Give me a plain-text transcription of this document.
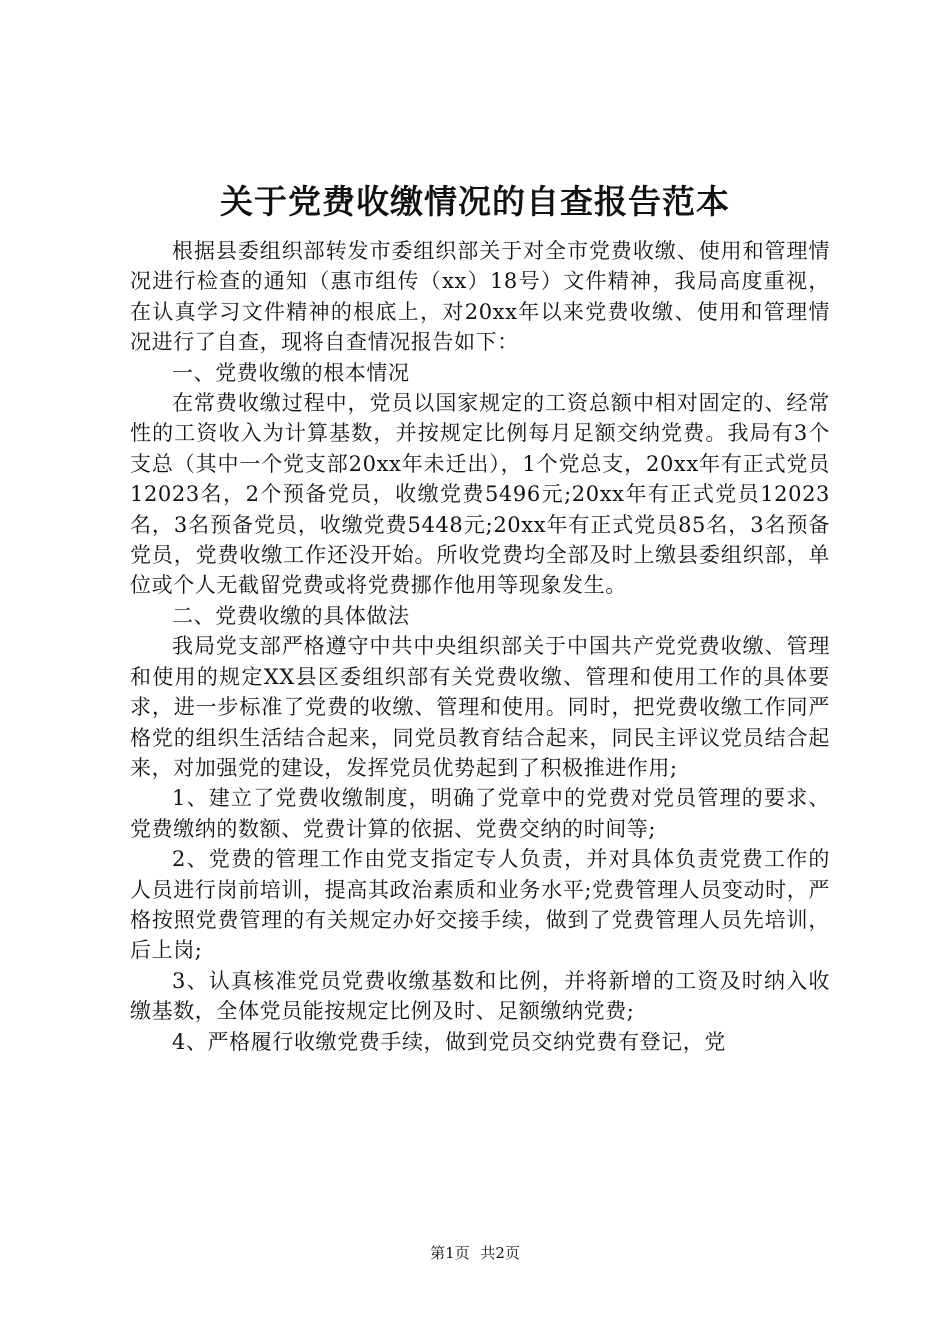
关于党费收缴情况的自查报告范本

根据县委组织部转发市委组织部关于对全市党费收缴、使用和管理情况进行检查的通知（惠市组传（xx）18号）文件精神，我局高度重视，在认真学习文件精神的根底上，对20xx年以来党费收缴、使用和管理情况进行了自查，现将自查情况报告如下：

一、党费收缴的根本情况

在常费收缴过程中，党员以国家规定的工资总额中相对固定的、经常性的工资收入为计算基数，并按规定比例每月足额交纳党费。我局有3个支总（其中一个党支部20xx年未迁出），1个党总支，20xx年有正式党员12023名，2个预备党员，收缴党费5496元;20xx年有正式党员12023名，3名预备党员，收缴党费5448元;20xx年有正式党员85名，3名预备党员，党费收缴工作还没开始。所收党费均全部及时上缴县委组织部，单位或个人无截留党费或将党费挪作他用等现象发生。

二、党费收缴的具体做法

我局党支部严格遵守中共中央组织部关于中国共产党党费收缴、管理和使用的规定XX县区委组织部有关党费收缴、管理和使用工作的具体要求，进一步标准了党费的收缴、管理和使用。同时，把党费收缴工作同严格党的组织生活结合起来，同党员教育结合起来，同民主评议党员结合起来，对加强党的建设，发挥党员优势起到了积极推进作用;

1、建立了党费收缴制度，明确了党章中的党费对党员管理的要求、党费缴纳的数额、党费计算的依据、党费交纳的时间等;

2、党费的管理工作由党支指定专人负责，并对具体负责党费工作的人员进行岗前培训，提高其政治素质和业务水平;党费管理人员变动时，严格按照党费管理的有关规定办好交接手续，做到了党费管理人员先培训，后上岗;

3、认真核准党员党费收缴基数和比例，并将新增的工资及时纳入收缴基数，全体党员能按规定比例及时、足额缴纳党费;

4、严格履行收缴党费手续，做到党员交纳党费有登记，党

第1页 共2页
